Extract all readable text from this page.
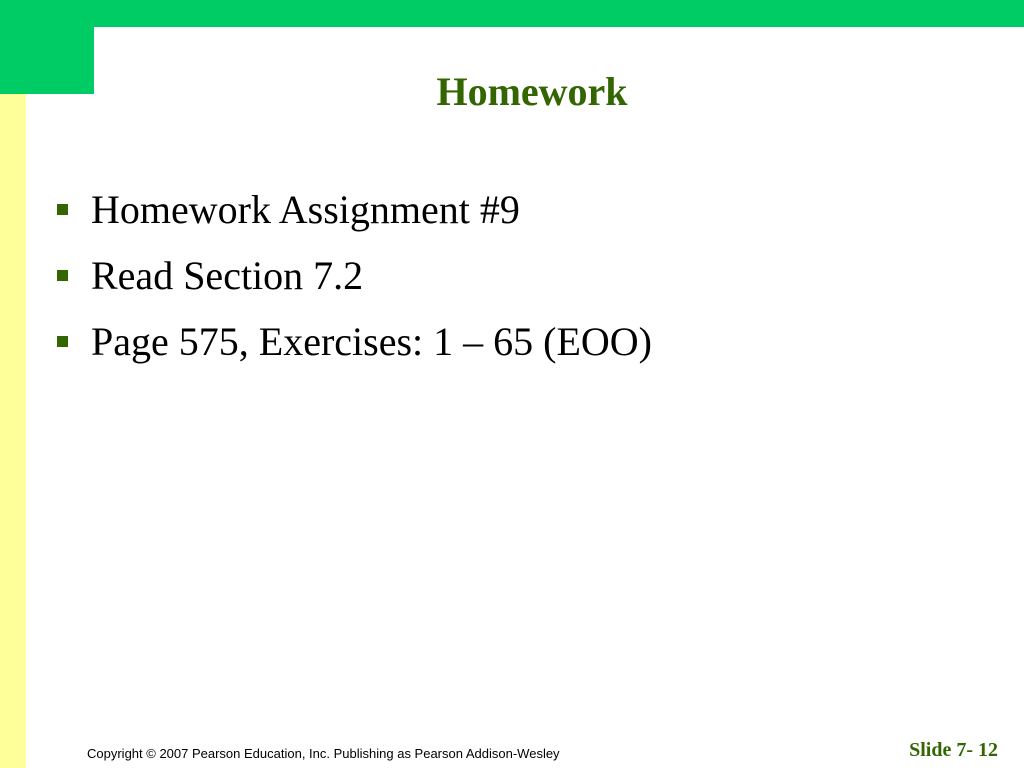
Homework
Homework Assignment #9
Read Section 7.2
Page 575, Exercises: 1 – 65 (EOO)
Copyright © 2007 Pearson Education, Inc. Publishing as Pearson Addison-Wesley	Slide 7- 12
